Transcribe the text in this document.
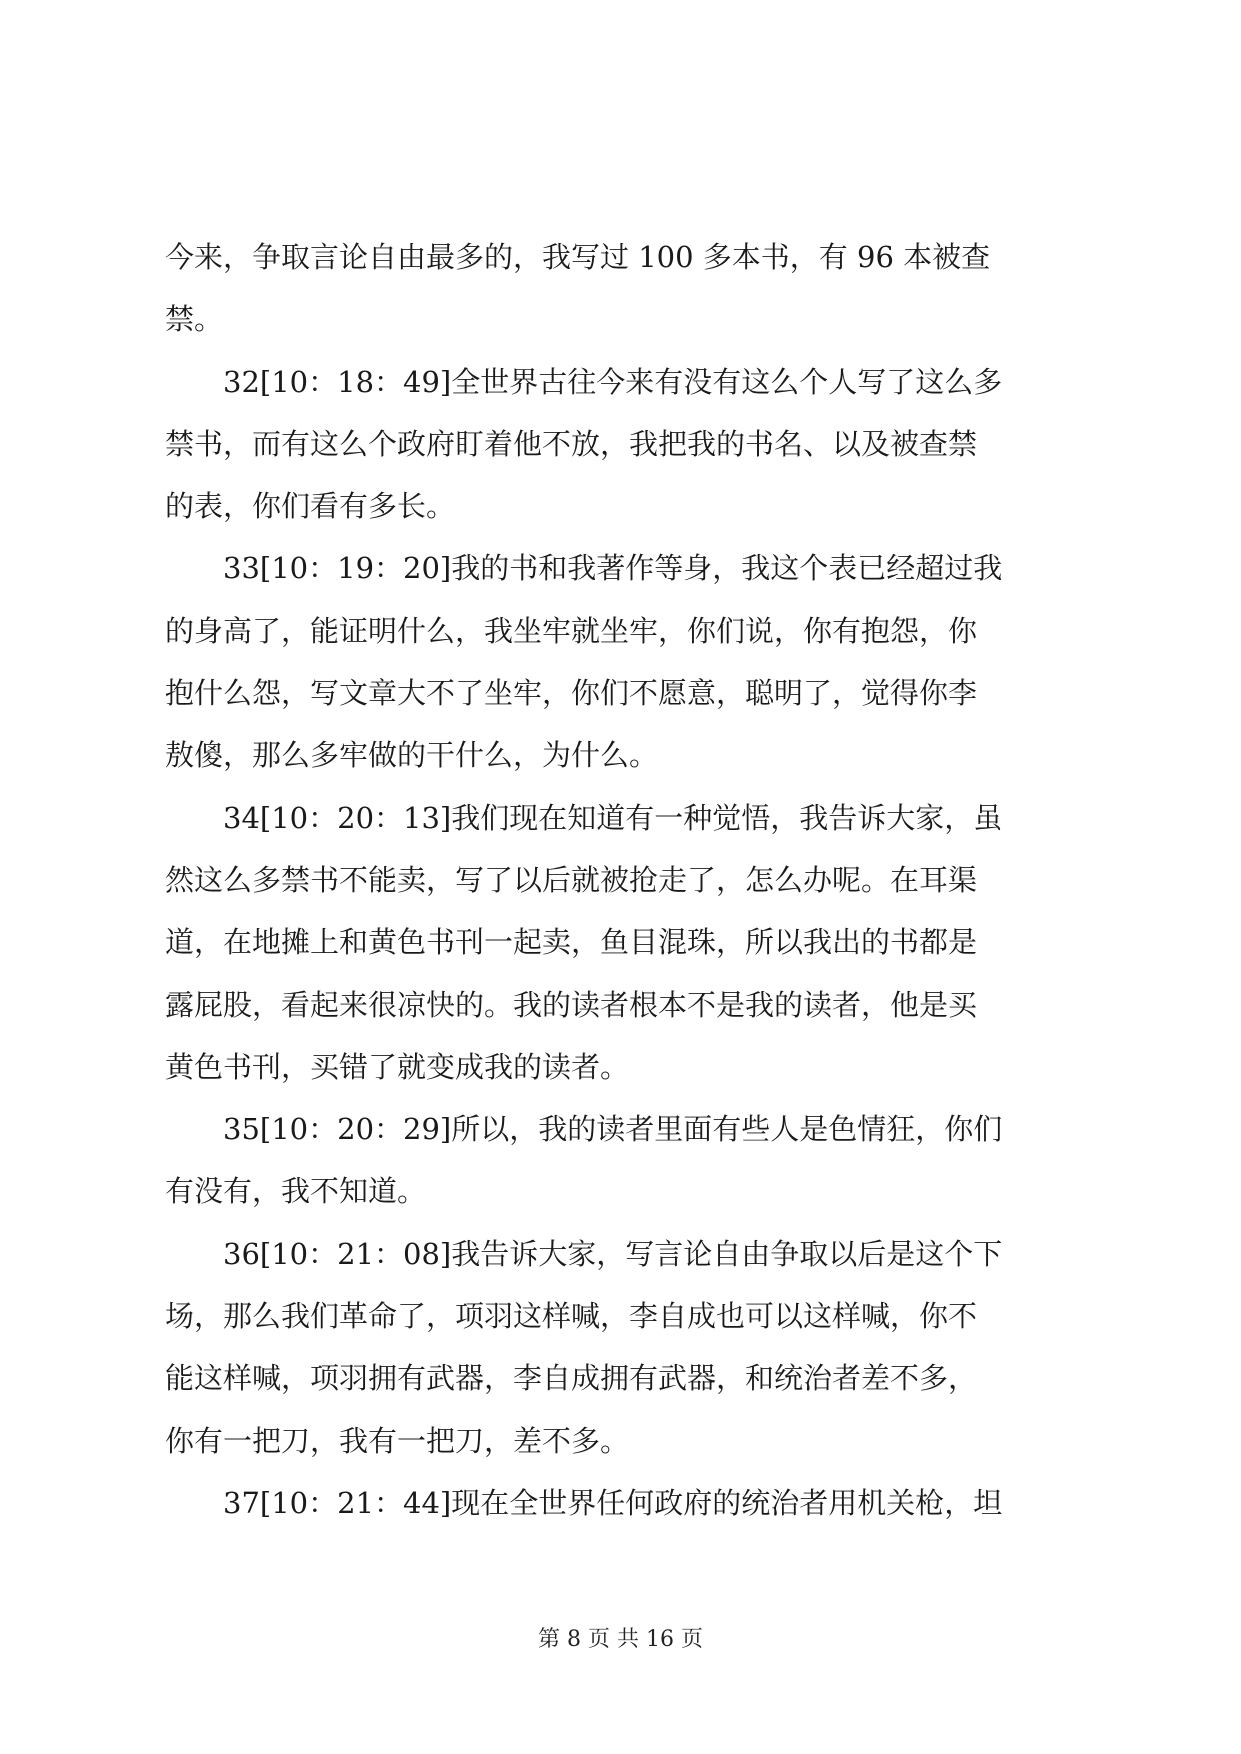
今来，争取言论自由最多的，我写过 100 多本书，有 96 本被查
禁。
　　32[10：18：49]全世界古往今来有没有这么个人写了这么多
禁书，而有这么个政府盯着他不放，我把我的书名、以及被查禁
的表，你们看有多长。
　　33[10：19：20]我的书和我著作等身，我这个表已经超过我
的身高了，能证明什么，我坐牢就坐牢，你们说，你有抱怨，你
抱什么怨，写文章大不了坐牢，你们不愿意，聪明了，觉得你李
敖傻，那么多牢做的干什么，为什么。
　　34[10：20：13]我们现在知道有一种觉悟，我告诉大家，虽
然这么多禁书不能卖，写了以后就被抢走了，怎么办呢。在耳渠
道，在地摊上和黄色书刊一起卖，鱼目混珠，所以我出的书都是
露屁股，看起来很凉快的。我的读者根本不是我的读者，他是买
黄色书刊，买错了就变成我的读者。
　　35[10：20：29]所以，我的读者里面有些人是色情狂，你们
有没有，我不知道。
　　36[10：21：08]我告诉大家，写言论自由争取以后是这个下
场，那么我们革命了，项羽这样喊，李自成也可以这样喊，你不
能这样喊，项羽拥有武器，李自成拥有武器，和统治者差不多，
你有一把刀，我有一把刀，差不多。
　　37[10：21：44]现在全世界任何政府的统治者用机关枪，坦
第 8 页 共 16 页
